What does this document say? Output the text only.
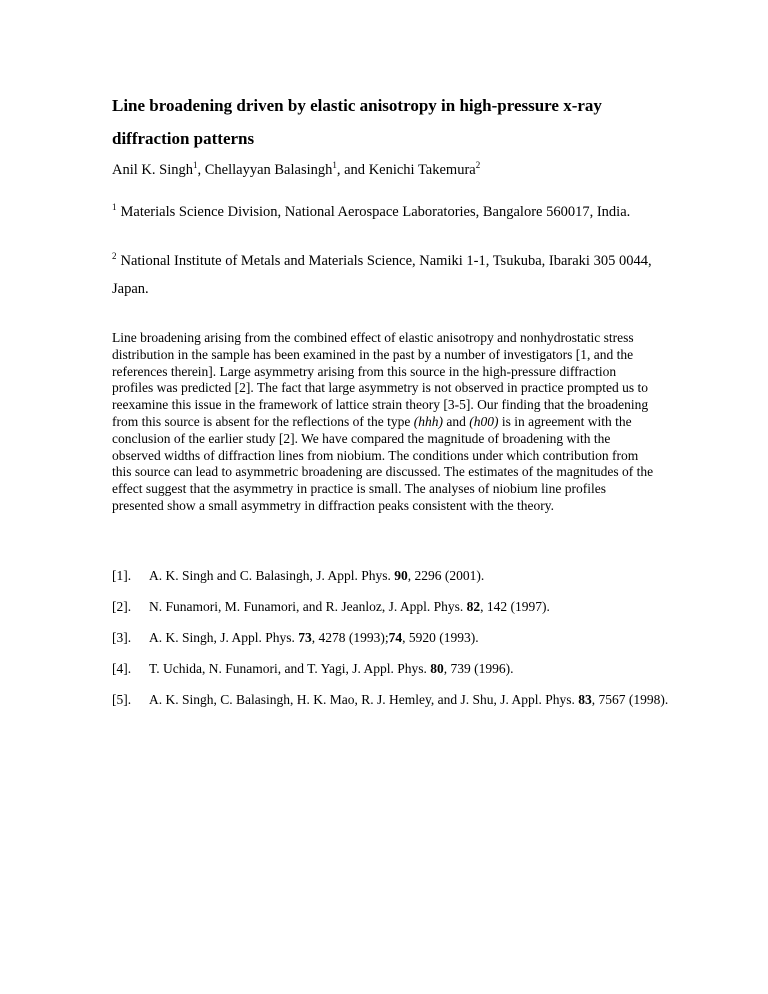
Line broadening driven by elastic anisotropy in high-pressure x-ray diffraction patterns

Anil K. Singh$^1$, Chellayyan Balasingh$^1$, and Kenichi Takemura$^2$

$^1$ Materials Science Division, National Aerospace Laboratories, Bangalore 560017, India.

$^2$ National Institute of Metals and Materials Science, Namiki 1-1, Tsukuba, Ibaraki 305 0044, Japan.

Line broadening arising from the combined effect of elastic anisotropy and nonhydrostatic stress distribution in the sample has been examined in the past by a number of investigators [1, and the references therein]. Large asymmetry arising from this source in the high-pressure diffraction profiles was predicted [2]. The fact that large asymmetry is not observed in practice prompted us to reexamine this issue in the framework of lattice strain theory [3-5]. Our finding that the broadening from this source is absent for the reflections of the type (hhh) and (h00) is in agreement with the conclusion of the earlier study [2]. We have compared the magnitude of broadening with the observed widths of diffraction lines from niobium. The conditions under which contribution from this source can lead to asymmetric broadening are discussed. The estimates of the magnitudes of the effect suggest that the asymmetry in practice is small. The analyses of niobium line profiles presented show a small asymmetry in diffraction peaks consistent with the theory.

[1]. A. K. Singh and C. Balasingh, J. Appl. Phys. 90, 2296 (2001).
[2]. N. Funamori, M. Funamori, and R. Jeanloz, J. Appl. Phys. 82, 142 (1997).
[3]. A. K. Singh, J. Appl. Phys. 73, 4278 (1993);74, 5920 (1993).
[4]. T. Uchida, N. Funamori, and T. Yagi, J. Appl. Phys. 80, 739 (1996).
[5]. A. K. Singh, C. Balasingh, H. K. Mao, R. J. Hemley, and J. Shu, J. Appl. Phys. 83, 7567 (1998).
